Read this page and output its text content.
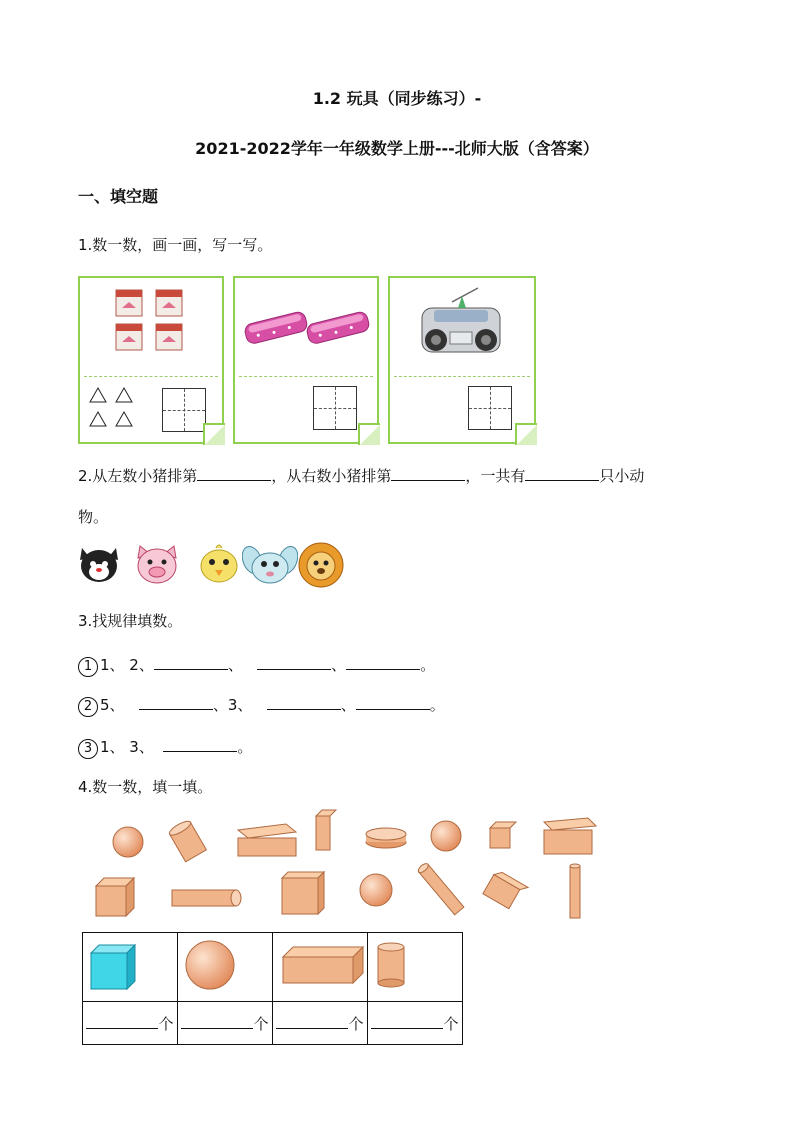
1.2 玩具（同步练习）-
2021-2022学年一年级数学上册---北师大版（含答案）
一、填空题
1.数一数，画一画，写一写。
2.从左数小猪排第	，从右数小猪排第	，一共有	只小动
物。
3.找规律填数。
1 1、 2、	、	、	。
2 5、	、3、	、	。
3 1、 3、	。
4.数一数，填一填。

个	个	个	个
